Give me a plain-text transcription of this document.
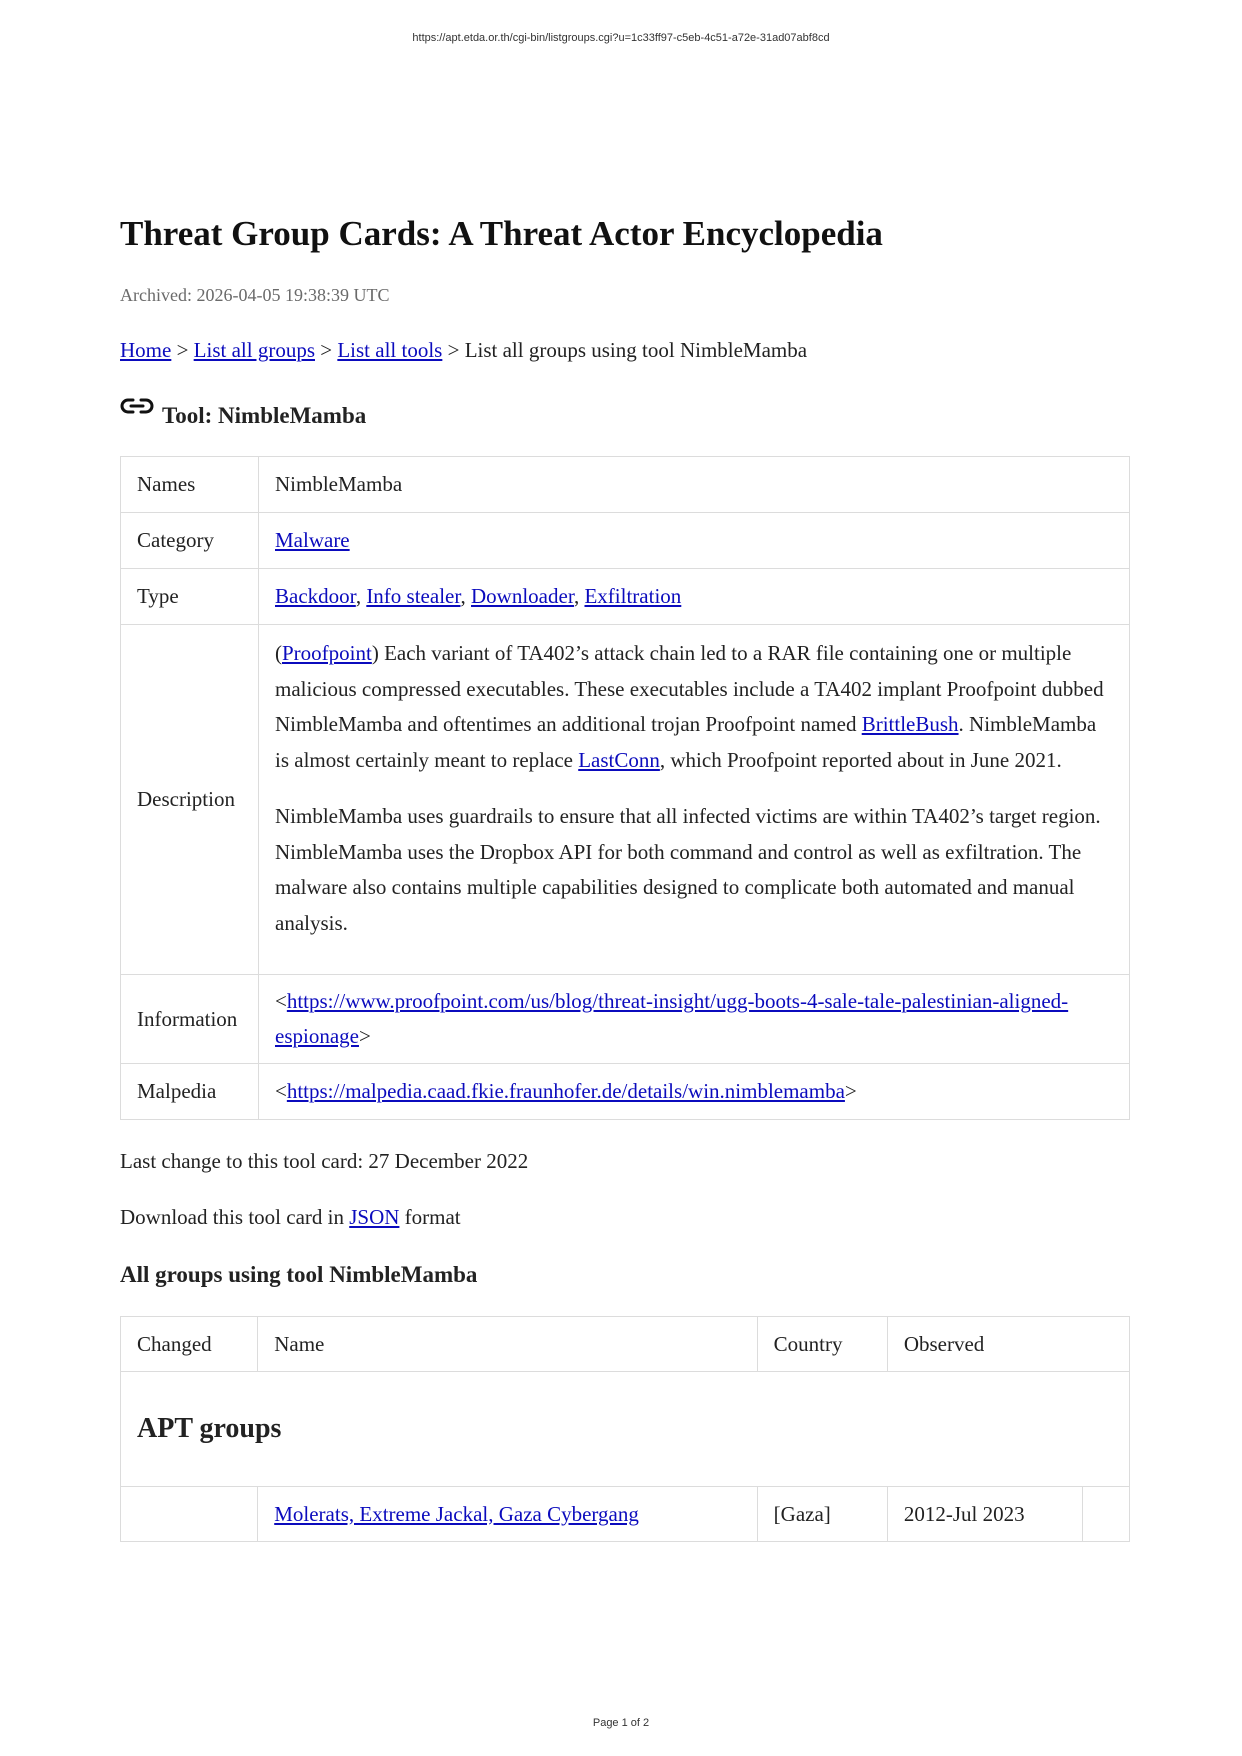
https://apt.etda.or.th/cgi-bin/listgroups.cgi?u=1c33ff97-c5eb-4c51-a72e-31ad07abf8cd
Threat Group Cards: A Threat Actor Encyclopedia
Archived: 2026-04-05 19:38:39 UTC
Home > List all groups > List all tools > List all groups using tool NimbleMamba
Tool: NimbleMamba
Names	NimbleMamba
Category	Malware
Type	Backdoor, Info stealer, Downloader, Exfiltration
Description	(Proofpoint) Each variant of TA402’s attack chain led to a RAR file containing one or multiple malicious compressed executables. These executables include a TA402 implant Proofpoint dubbed NimbleMamba and oftentimes an additional trojan Proofpoint named BrittleBush. NimbleMamba is almost certainly meant to replace LastConn, which Proofpoint reported about in June 2021.

NimbleMamba uses guardrails to ensure that all infected victims are within TA402’s target region. NimbleMamba uses the Dropbox API for both command and control as well as exfiltration. The malware also contains multiple capabilities designed to complicate both automated and manual analysis.

Information	<https://www.proofpoint.com/us/blog/threat-insight/ugg-boots-4-sale-tale-palestinian-aligned-espionage>
Malpedia	<https://malpedia.caad.fkie.fraunhofer.de/details/win.nimblemamba>
Last change to this tool card: 27 December 2022
Download this tool card in JSON format
All groups using tool NimbleMamba
Changed	Name	Country	Observed	
APT groups				
	Molerats, Extreme Jackal, Gaza Cybergang	[Gaza]	2012-Jul 2023	
Page 1 of 2
